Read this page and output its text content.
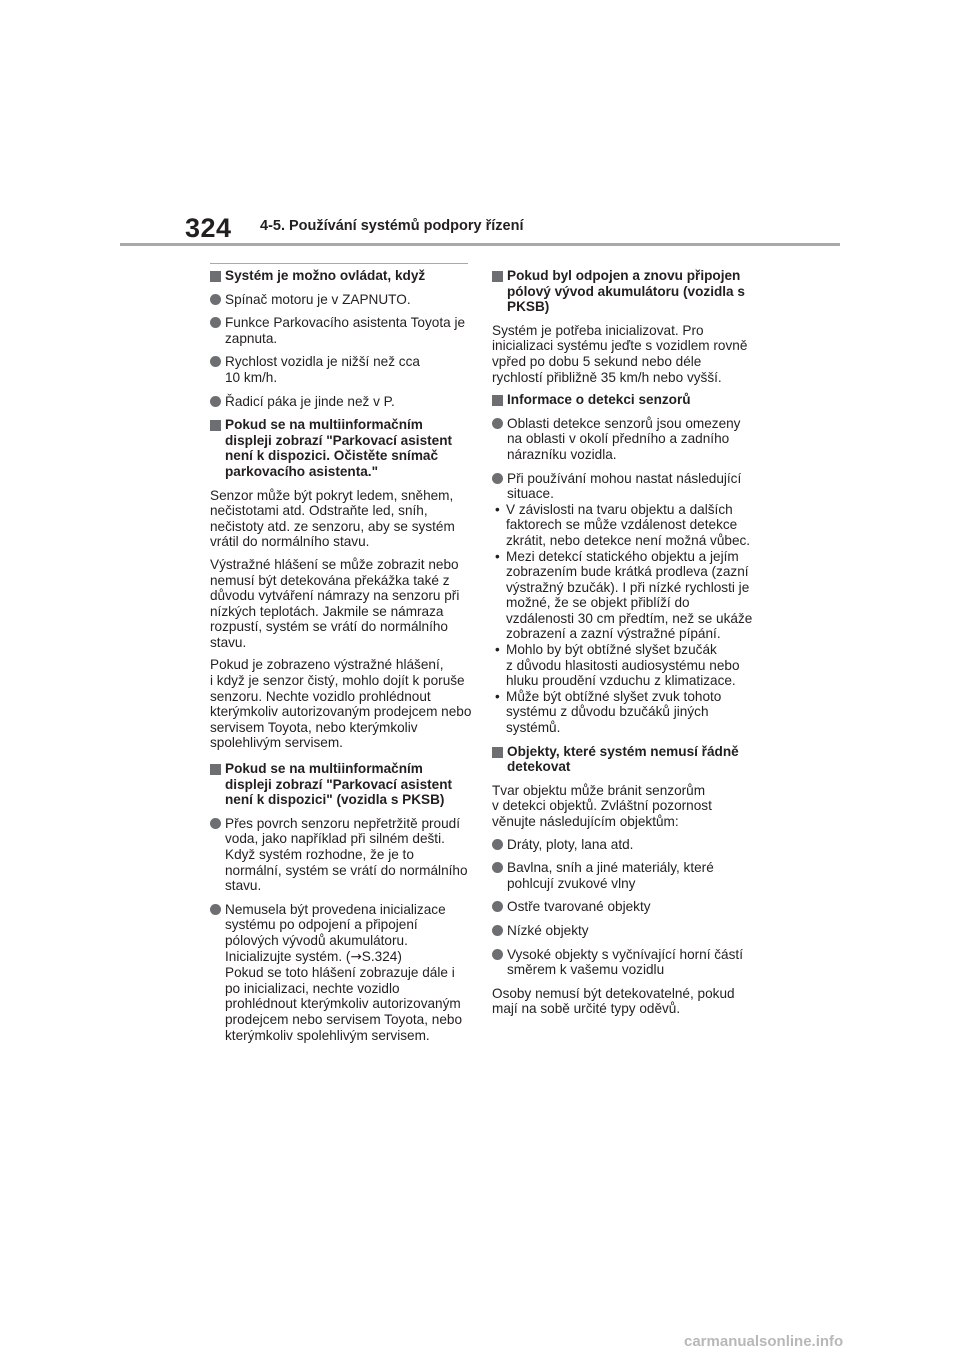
324 4-5. Používání systémů podpory řízení
Systém je možno ovládat, když
Spínač motoru je v ZAPNUTO.
Funkce Parkovacího asistenta Toyota je zapnuta.
Rychlost vozidla je nižší než cca
10 km/h.
Řadicí páka je jinde než v P.
Pokud se na multiinformačním displeji zobrazí "Parkovací asistent není k dispozici. Očistěte snímač parkovacího asistenta."
Senzor může být pokryt ledem, sněhem, nečistotami atd. Odstraňte led, sníh, nečistoty atd. ze senzoru, aby se systém vrátil do normálního stavu.
Výstražné hlášení se může zobrazit nebo nemusí být detekována překážka také z důvodu vytváření námrazy na senzoru při nízkých teplotách. Jakmile se námraza rozpustí, systém se vrátí do normálního stavu.
Pokud je zobrazeno výstražné hlášení,
i když je senzor čistý, mohlo dojít k poruše senzoru. Nechte vozidlo prohlédnout kterýmkoliv autorizovaným prodejcem nebo servisem Toyota, nebo kterýmkoliv spolehlivým servisem.
Pokud se na multiinformačním displeji zobrazí "Parkovací asistent není k dispozici" (vozidla s PKSB)
Přes povrch senzoru nepřetržitě proudí voda, jako například při silném dešti. Když systém rozhodne, že je to normální, systém se vrátí do normálního stavu.
Nemusela být provedena inicializace systému po odpojení a připojení pólových vývodů akumulátoru. Inicializujte systém. (→S.324)
Pokud se toto hlášení zobrazuje dále i po inicializaci, nechte vozidlo prohlédnout kterýmkoliv autorizovaným prodejcem nebo servisem Toyota, nebo kterýmkoliv spolehlivým servisem.
Pokud byl odpojen a znovu připojen pólový vývod akumulátoru (vozidla s PKSB)
Systém je potřeba inicializovat. Pro inicializaci systému jeďte s vozidlem rovně vpřed po dobu 5 sekund nebo déle rychlostí přibližně 35 km/h nebo vyšší.
Informace o detekci senzorů
Oblasti detekce senzorů jsou omezeny na oblasti v okolí předního a zadního nárazníku vozidla.
Při používání mohou nastat následující situace.
• V závislosti na tvaru objektu a dalších faktorech se může vzdálenost detekce zkrátit, nebo detekce není možná vůbec.
• Mezi detekcí statického objektu a jejím zobrazením bude krátká prodleva (zazní výstražný bzučák). I při nízké rychlosti je možné, že se objekt přiblíží do vzdálenosti 30 cm předtím, než se ukáže zobrazení a zazní výstražné pípání.
• Mohlo by být obtížné slyšet bzučák
z důvodu hlasitosti audiosystému nebo hluku proudění vzduchu z klimatizace.
• Může být obtížné slyšet zvuk tohoto systému z důvodu bzučáků jiných systémů.
Objekty, které systém nemusí řádně detekovat
Tvar objektu může bránit senzorům
v detekci objektů. Zvláštní pozornost věnujte následujícím objektům:
Dráty, ploty, lana atd.
Bavlna, sníh a jiné materiály, které pohlcují zvukové vlny
Ostře tvarované objekty
Nízké objekty
Vysoké objekty s vyčnívající horní částí směrem k vašemu vozidlu
Osoby nemusí být detekovatelné, pokud mají na sobě určité typy oděvů.
carmanualsonline.info
